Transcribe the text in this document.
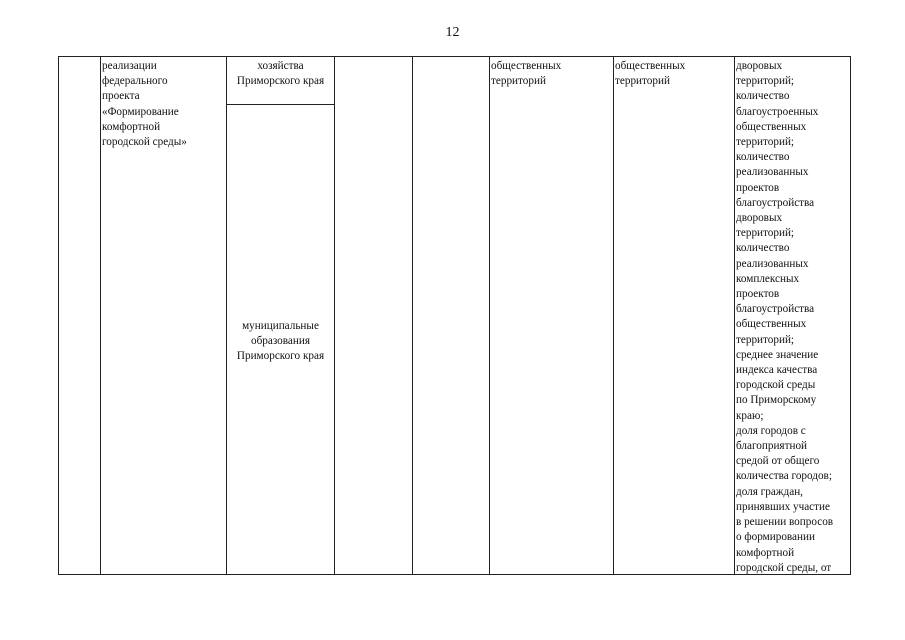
12
реализации
федерального
проекта
«Формирование
комфортной
городской среды»
хозяйства
Приморского края
муниципальные
образования
Приморского края
общественных
территорий
общественных
территорий
дворовых
территорий;
количество
благоустроенных
общественных
территорий;
количество
реализованных
проектов
благоустройства
дворовых
территорий;
количество
реализованных
комплексных
проектов
благоустройства
общественных
территорий;
среднее значение
индекса качества
городской среды
по Приморскому
краю;
доля городов с
благоприятной
средой от общего
количества городов;
доля граждан,
принявших участие
в решении вопросов
о формировании
комфортной
городской среды, от
